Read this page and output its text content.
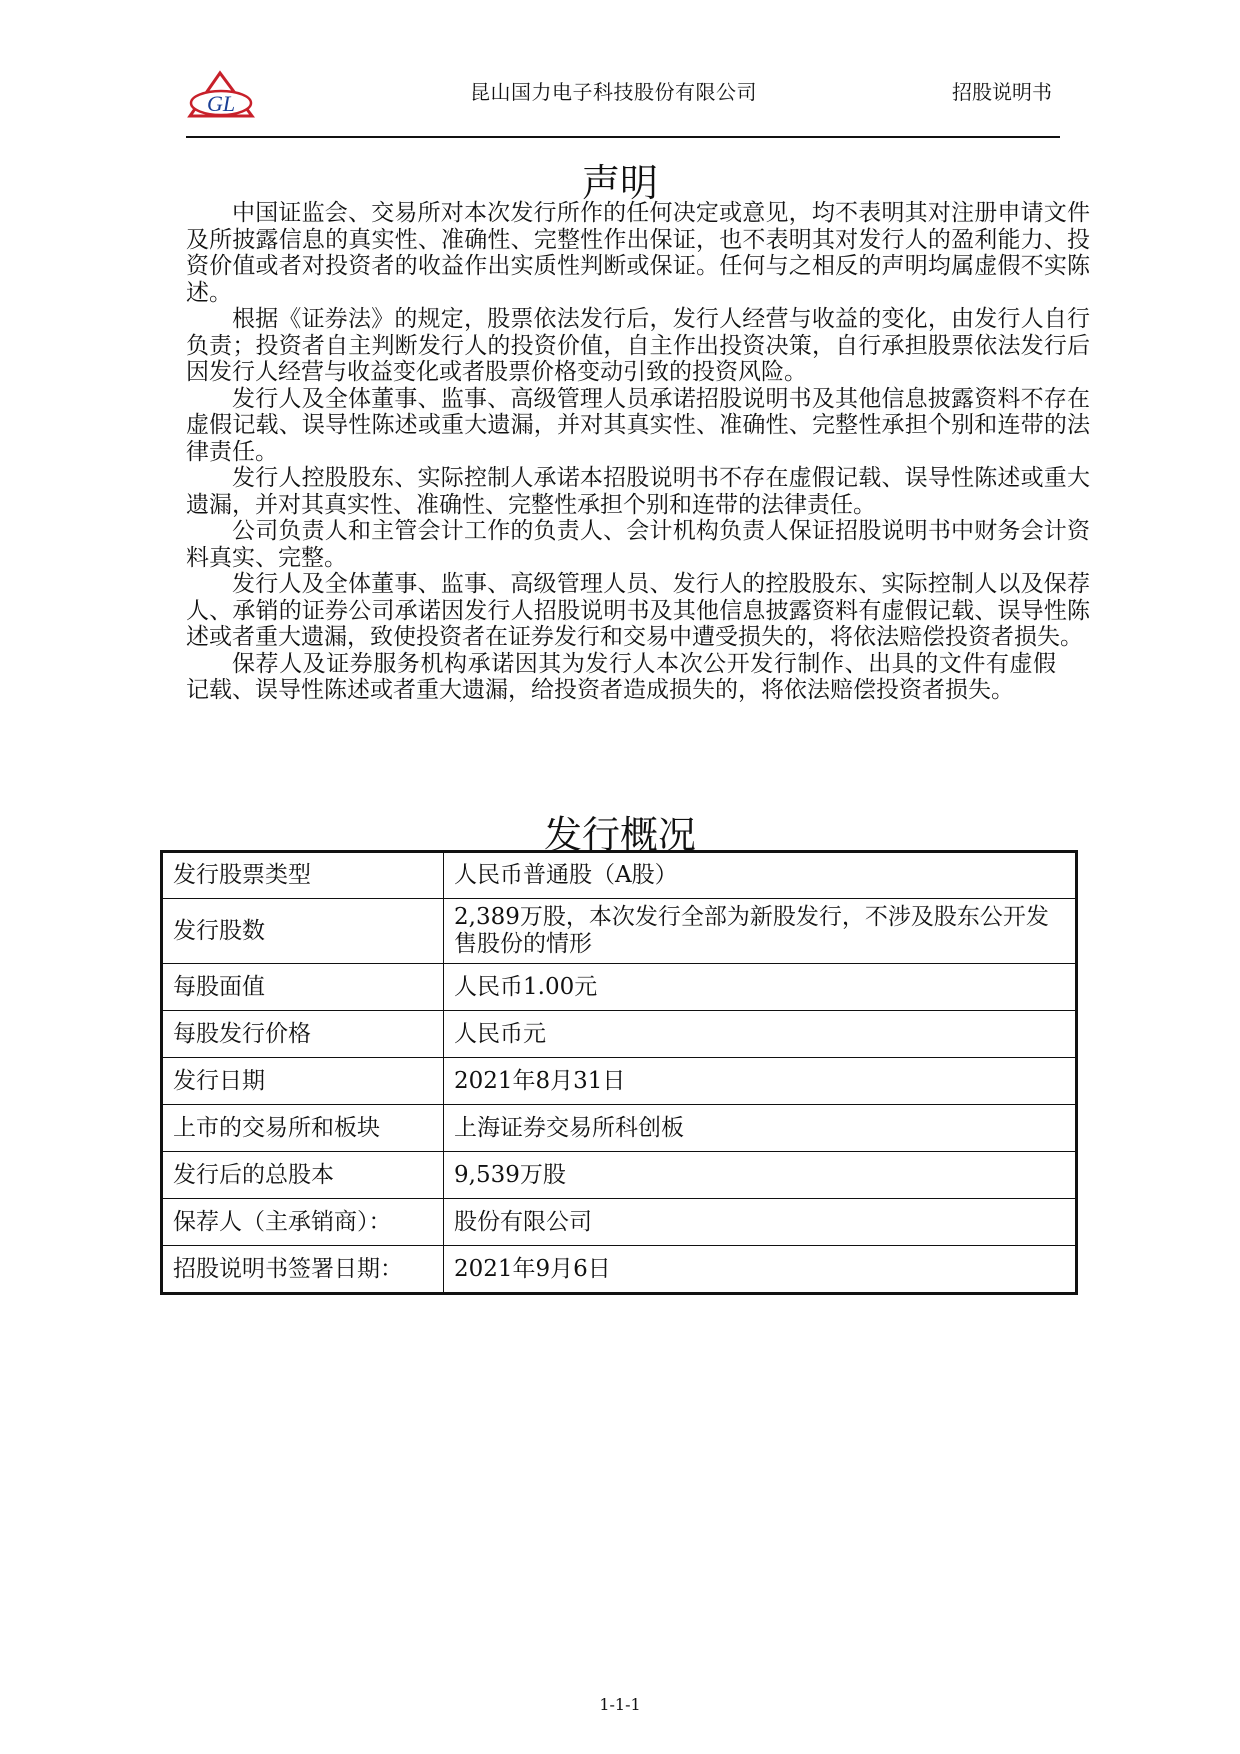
GL	昆山国力电子科技股份有限公司	招股说明书
声明

中国证监会、交易所对本次发行所作的任何决定或意见，均不表明其对注册申请文件及所披露信息的真实性、准确性、完整性作出保证，也不表明其对发行人的盈利能力、投资价值或者对投资者的收益作出实质性判断或保证。任何与之相反的声明均属虚假不实陈述。

根据《证券法》的规定，股票依法发行后，发行人经营与收益的变化，由发行人自行负责；投资者自主判断发行人的投资价值，自主作出投资决策，自行承担股票依法发行后因发行人经营与收益变化或者股票价格变动引致的投资风险。

发行人及全体董事、监事、高级管理人员承诺招股说明书及其他信息披露资料不存在虚假记载、误导性陈述或重大遗漏，并对其真实性、准确性、完整性承担个别和连带的法律责任。

发行人控股股东、实际控制人承诺本招股说明书不存在虚假记载、误导性陈述或重大遗漏，并对其真实性、准确性、完整性承担个别和连带的法律责任。

公司负责人和主管会计工作的负责人、会计机构负责人保证招股说明书中财务会计资料真实、完整。

发行人及全体董事、监事、高级管理人员、发行人的控股股东、实际控制人以及保荐人、承销的证券公司承诺因发行人招股说明书及其他信息披露资料有虚假记载、误导性陈述或者重大遗漏，致使投资者在证券发行和交易中遭受损失的，将依法赔偿投资者损失。

保荐人及证券服务机构承诺因其为发行人本次公开发行制作、出具的文件有虚假记载、误导性陈述或者重大遗漏，给投资者造成损失的，将依法赔偿投资者损失。

发行概况
发行股票类型	人民币普通股（A股）
发行股数	2,389万股，本次发行全部为新股发行，不涉及股东公开发售股份的情形
每股面值	人民币1.00元
每股发行价格	人民币元
发行日期	2021年8月31日
上市的交易所和板块	上海证券交易所科创板
发行后的总股本	9,539万股
保荐人（主承销商）：	股份有限公司
招股说明书签署日期：	2021年9月6日
1-1-1
